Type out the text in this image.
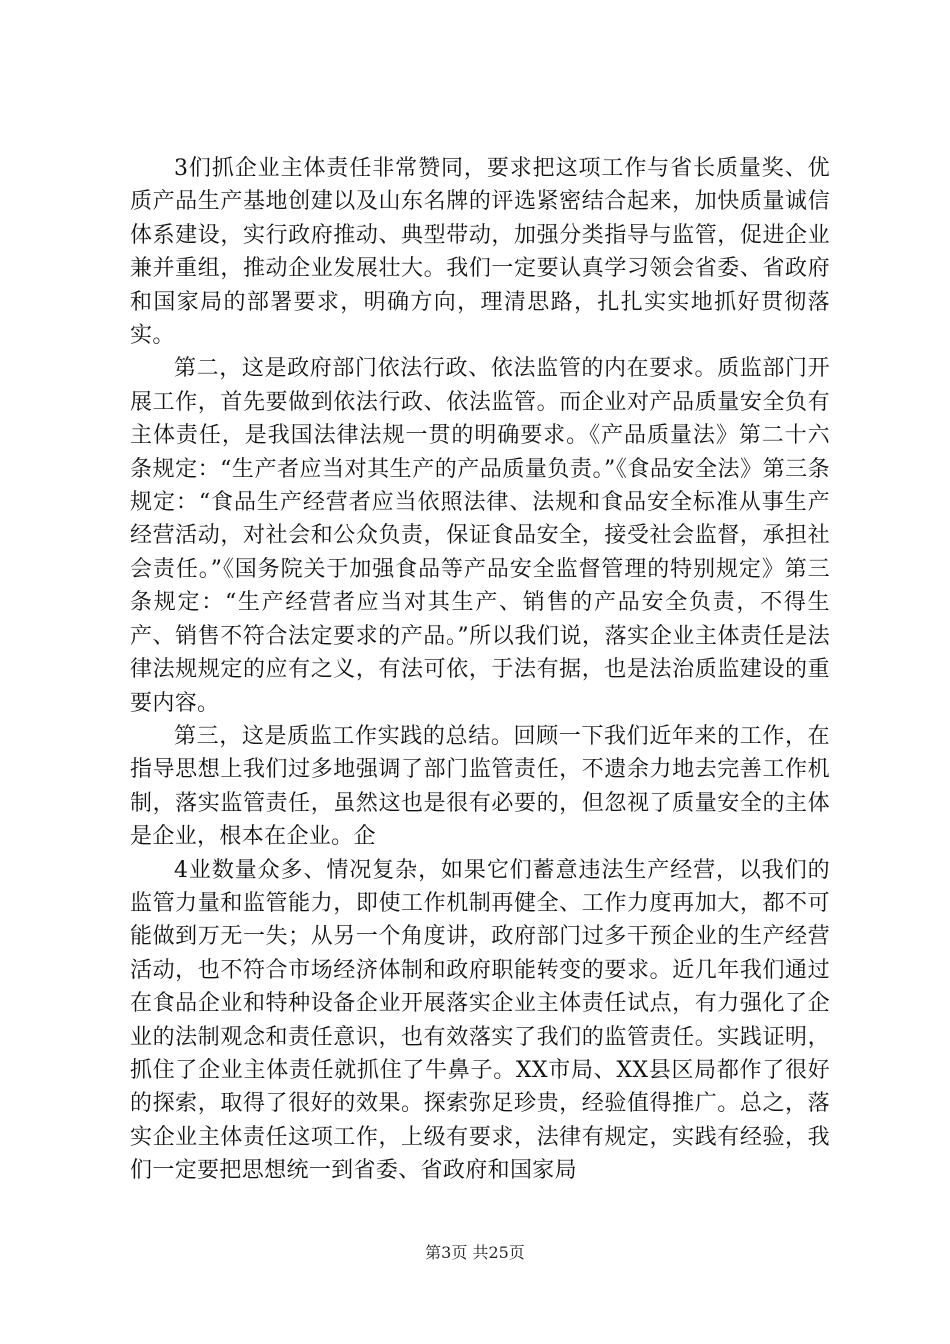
3们抓企业主体责任非常赞同，要求把这项工作与省长质量奖、优质产品生产基地创建以及山东名牌的评选紧密结合起来，加快质量诚信体系建设，实行政府推动、典型带动，加强分类指导与监管，促进企业兼并重组，推动企业发展壮大。我们一定要认真学习领会省委、省政府和国家局的部署要求，明确方向，理清思路，扎扎实实地抓好贯彻落实。

第二，这是政府部门依法行政、依法监管的内在要求。质监部门开展工作，首先要做到依法行政、依法监管。而企业对产品质量安全负有主体责任，是我国法律法规一贯的明确要求。《产品质量法》第二十六条规定：“生产者应当对其生产的产品质量负责。”《食品安全法》第三条规定：“食品生产经营者应当依照法律、法规和食品安全标准从事生产经营活动，对社会和公众负责，保证食品安全，接受社会监督，承担社会责任。”《国务院关于加强食品等产品安全监督管理的特别规定》第三条规定：“生产经营者应当对其生产、销售的产品安全负责，不得生产、销售不符合法定要求的产品。”所以我们说，落实企业主体责任是法律法规规定的应有之义，有法可依，于法有据，也是法治质监建设的重要内容。

第三，这是质监工作实践的总结。回顾一下我们近年来的工作，在指导思想上我们过多地强调了部门监管责任，不遗余力地去完善工作机制，落实监管责任，虽然这也是很有必要的，但忽视了质量安全的主体是企业，根本在企业。企

4业数量众多、情况复杂，如果它们蓄意违法生产经营，以我们的监管力量和监管能力，即使工作机制再健全、工作力度再加大，都不可能做到万无一失；从另一个角度讲，政府部门过多干预企业的生产经营活动，也不符合市场经济体制和政府职能转变的要求。近几年我们通过在食品企业和特种设备企业开展落实企业主体责任试点，有力强化了企业的法制观念和责任意识，也有效落实了我们的监管责任。实践证明，抓住了企业主体责任就抓住了牛鼻子。XX市局、XX县区局都作了很好的探索，取得了很好的效果。探索弥足珍贵，经验值得推广。总之，落实企业主体责任这项工作，上级有要求，法律有规定，实践有经验，我们一定要把思想统一到省委、省政府和国家局

第3页 共25页
